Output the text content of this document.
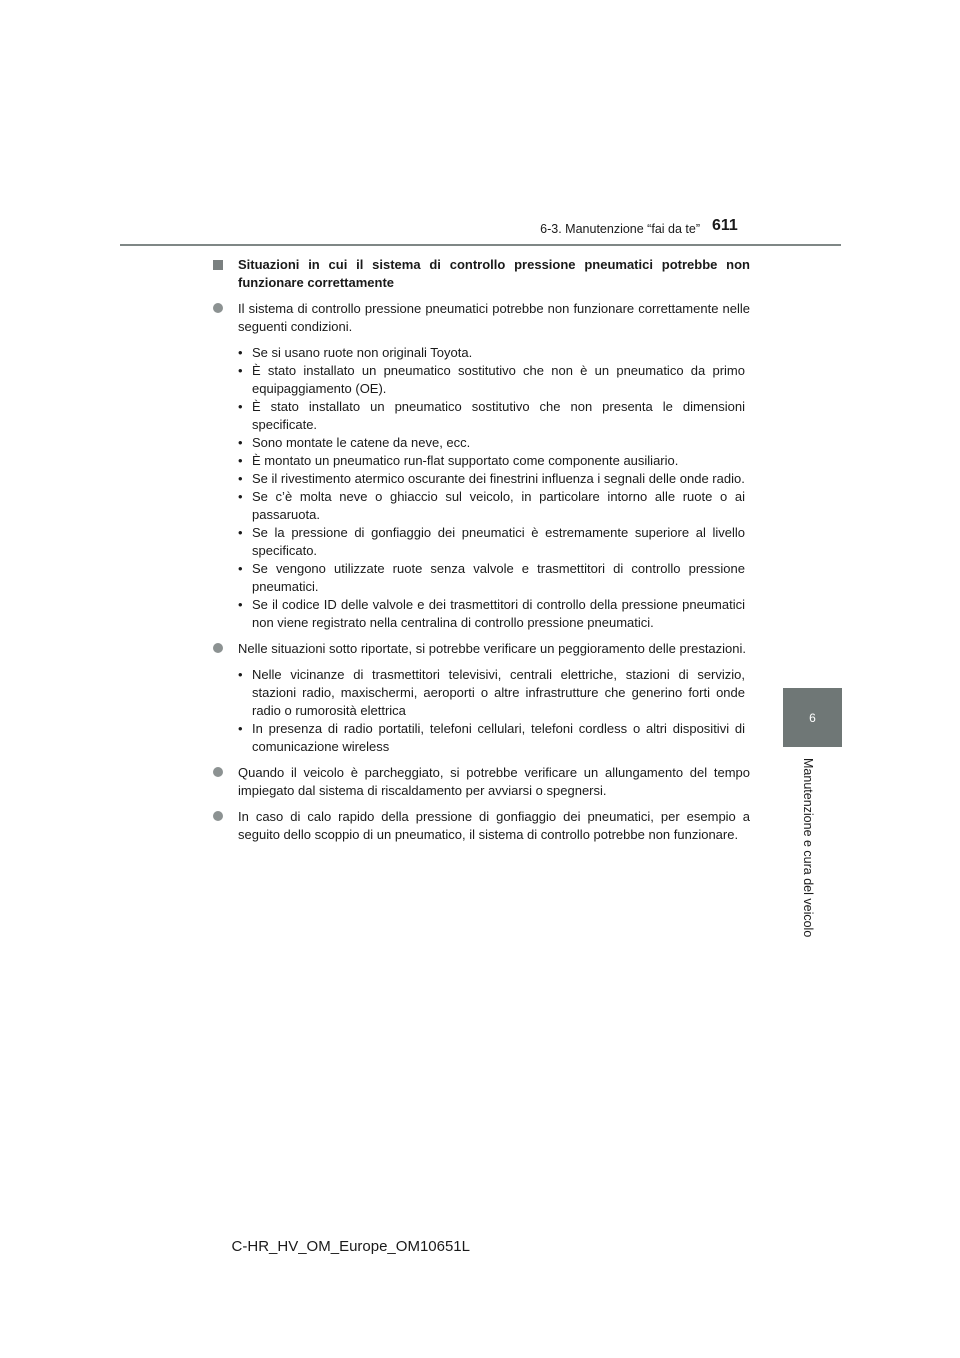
6-3. Manutenzione “fai da te” 611
6
Manutenzione e cura del veicolo
Situazioni in cui il sistema di controllo pressione pneumatici potrebbe non funzionare correttamente
Il sistema di controllo pressione pneumatici potrebbe non funzionare correttamente nelle seguenti condizioni.
• Se si usano ruote non originali Toyota.
• È stato installato un pneumatico sostitutivo che non è un pneumatico da primo equipaggiamento (OE).
• È stato installato un pneumatico sostitutivo che non presenta le dimensioni specificate.
• Sono montate le catene da neve, ecc.
• È montato un pneumatico run-flat supportato come componente ausiliario.
• Se il rivestimento atermico oscurante dei finestrini influenza i segnali delle onde radio.
• Se c’è molta neve o ghiaccio sul veicolo, in particolare intorno alle ruote o ai passaruota.
• Se la pressione di gonfiaggio dei pneumatici è estremamente superiore al livello specificato.
• Se vengono utilizzate ruote senza valvole e trasmettitori di controllo pressione pneumatici.
• Se il codice ID delle valvole e dei trasmettitori di controllo della pressione pneumatici non viene registrato nella centralina di controllo pressione pneumatici.
Nelle situazioni sotto riportate, si potrebbe verificare un peggioramento delle prestazioni.
• Nelle vicinanze di trasmettitori televisivi, centrali elettriche, stazioni di servizio, stazioni radio, maxischermi, aeroporti o altre infrastrutture che generino forti onde radio o rumorosità elettrica
• In presenza di radio portatili, telefoni cellulari, telefoni cordless o altri dispositivi di comunicazione wireless
Quando il veicolo è parcheggiato, si potrebbe verificare un allungamento del tempo impiegato dal sistema di riscaldamento per avviarsi o spegnersi.
In caso di calo rapido della pressione di gonfiaggio dei pneumatici, per esempio a seguito dello scoppio di un pneumatico, il sistema di controllo potrebbe non funzionare.
C-HR_HV_OM_Europe_OM10651L
